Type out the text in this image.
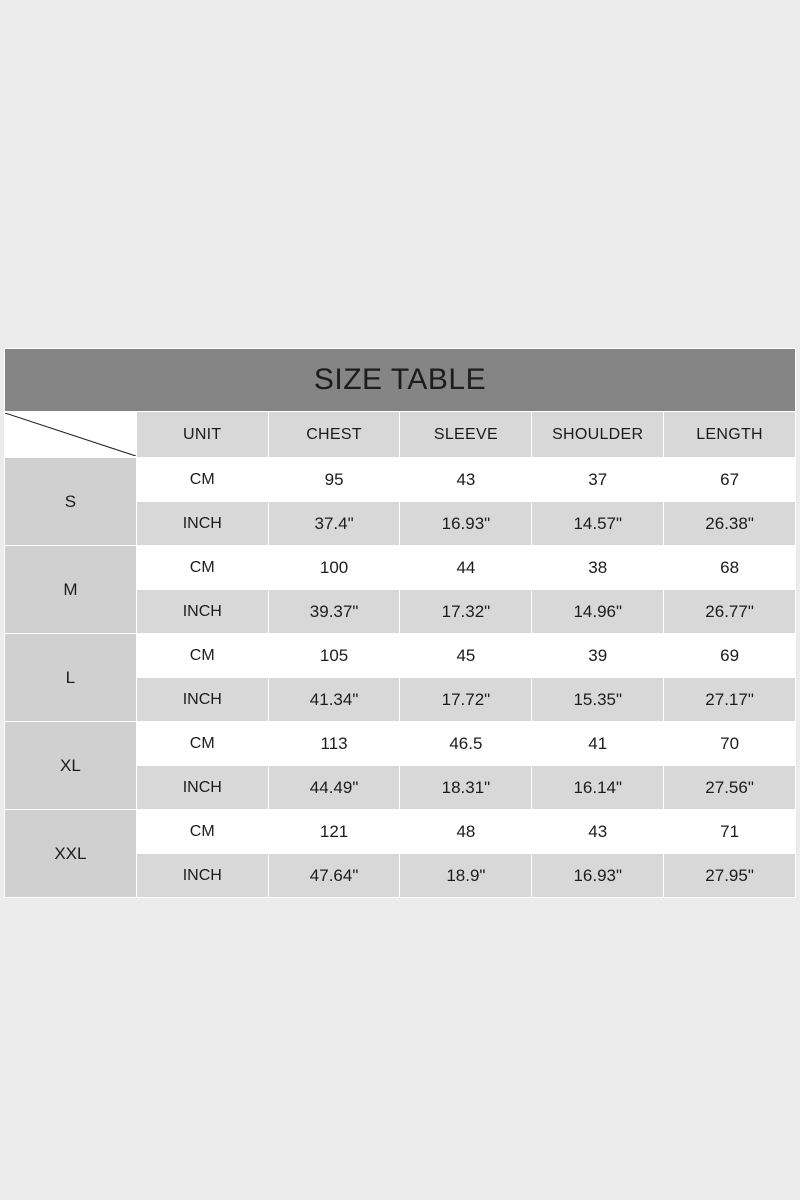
SIZE TABLE					

	UNIT	CHEST	SLEEVE	SHOULDER	LENGTH
S	CM	95	43	37	67
	INCH	37.4"	16.93"	14.57"	26.38"
M	CM	100	44	38	68
	INCH	39.37"	17.32"	14.96"	26.77"
L	CM	105	45	39	69
	INCH	41.34"	17.72"	15.35"	27.17"
XL	CM	113	46.5	41	70
	INCH	44.49"	18.31"	16.14"	27.56"
XXL	CM	121	48	43	71
	INCH	47.64"	18.9"	16.93"	27.95"
